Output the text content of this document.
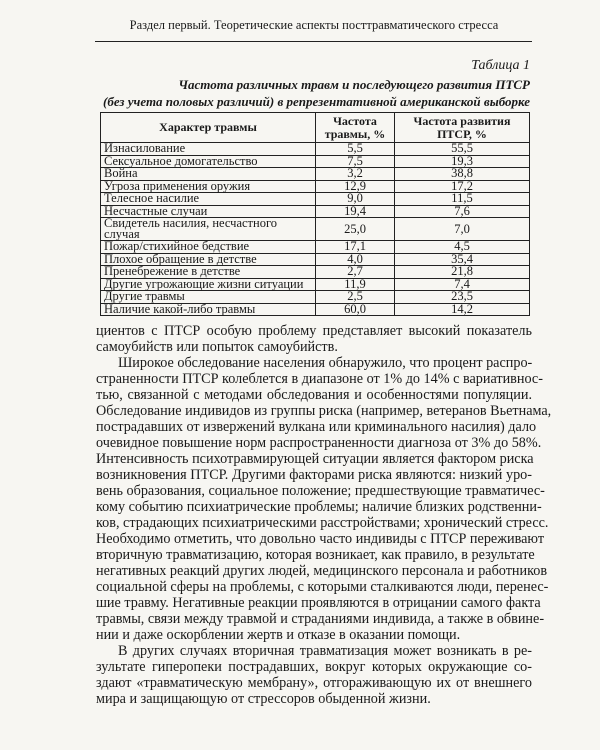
Раздел первый. Теоретические аспекты посттравматического стресса
Таблица 1
Частота различных травм и последующего развития ПТСР
(без учета половых различий) в репрезентативной американской выборке
Характер травмы	Частота травмы, %	Частота развития ПТСР, %
Изнасилование	5,5	55,5
Сексуальное домогательство	7,5	19,3
Война	3,2	38,8
Угроза применения оружия	12,9	17,2
Телесное насилие	9,0	11,5
Несчастные случаи	19,4	7,6
Свидетель насилия, несчастного случая	25,0	7,0
Пожар/стихийное бедствие	17,1	4,5
Плохое обращение в детстве	4,0	35,4
Пренебрежение в детстве	2,7	21,8
Другие угрожающие жизни ситуации	11,9	7,4
Другие травмы	2,5	23,5
Наличие какой-либо травмы	60,0	14,2
циентов с ПТСР особую проблему представляет высокий показатель
самоубийств или попыток самоубийств.
Широкое обследование населения обнаружило, что процент распро-
страненности ПТСР колеблется в диапазоне от 1% до 14% с вариативнос-
тью, связанной с методами обследования и особенностями популяции.
Обследование индивидов из группы риска (например, ветеранов Вьетнама,
пострадавших от извержений вулкана или криминального насилия) дало
очевидное повышение норм распространенности диагноза от 3% до 58%.
Интенсивность психотравмирующей ситуации является фактором риска
возникновения ПТСР. Другими факторами риска являются: низкий уро-
вень образования, социальное положение; предшествующие травматичес-
кому событию психиатрические проблемы; наличие близких родственни-
ков, страдающих психиатрическими расстройствами; хронический стресс.
Необходимо отметить, что довольно часто индивиды с ПТСР переживают
вторичную травматизацию, которая возникает, как правило, в результате
негативных реакций других людей, медицинского персонала и работников
социальной сферы на проблемы, с которыми сталкиваются люди, перенес-
шие травму. Негативные реакции проявляются в отрицании самого факта
травмы, связи между травмой и страданиями индивида, а также в обвине-
нии и даже оскорблении жертв и отказе в оказании помощи.
В других случаях вторичная травматизация может возникать в ре-
зультате гиперопеки пострадавших, вокруг которых окружающие со-
здают «травматическую мембрану», отгораживающую их от внешнего
мира и защищающую от стрессоров обыденной жизни.
